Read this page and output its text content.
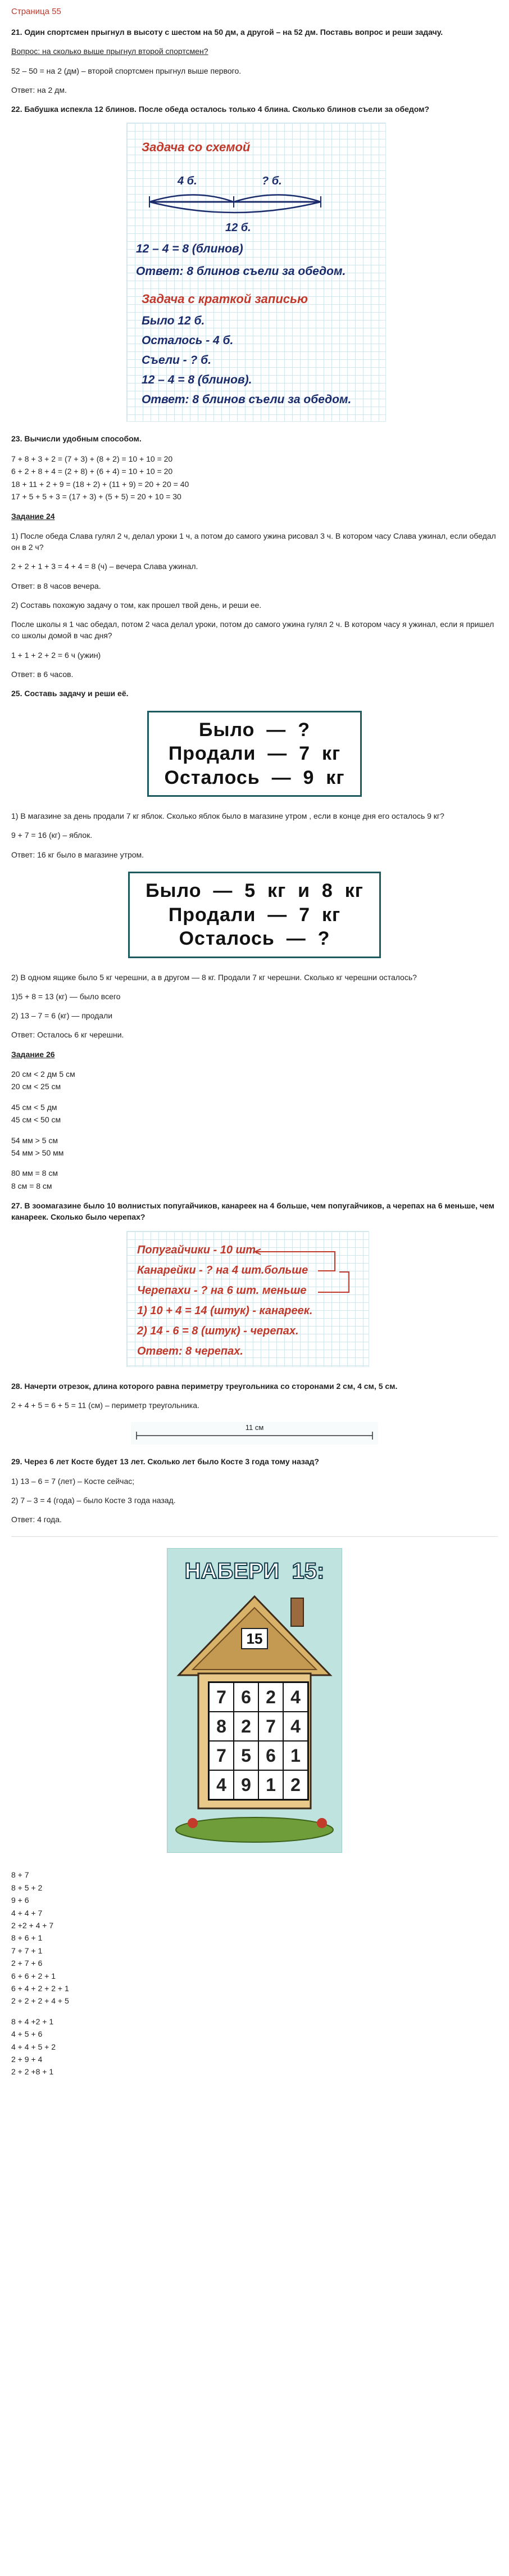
Страница 55

21. Один спортсмен прыгнул в высоту с шестом на 50 дм, а другой – на 52 дм. Поставь вопрос и реши задачу.

Вопрос: на сколько выше прыгнул второй спортсмен?

52 – 50 = на 2 (дм) – второй спортсмен прыгнул выше первого.

Ответ: на 2 дм.

22. Бабушка испекла 12 блинов. После обеда осталось только 4 блина. Сколько блинов съели за обедом?

Задача со схемой
4 б.	? б.
12 б.
12 – 4 = 8 (блинов)
Ответ: 8 блинов съели за обедом.
Задача с краткой записью
Было 12 б.
Осталось - 4 б.
Съели - ? б.
12 – 4 = 8 (блинов).
Ответ: 8 блинов съели за обедом.

23. Вычисли удобным способом.

7 + 8 + 3 + 2 = (7 + 3) + (8 + 2) = 10 + 10 = 20

6 + 2 + 8 + 4 = (2 + 8) + (6 + 4) = 10 + 10 = 20

18 + 11 + 2 + 9 = (18 + 2) + (11 + 9) = 20 + 20 = 40

17 + 5 + 5 + 3 = (17 + 3) + (5 + 5) = 20 + 10 = 30

Задание 24

1) После обеда Слава гулял 2 ч, делал уроки 1 ч, а потом до самого ужина рисовал 3 ч. В котором часу Слава ужинал, если обедал он в 2 ч?

2 + 2 + 1 + 3 = 4 + 4 = 8 (ч) – вечера Слава ужинал.

Ответ: в 8 часов вечера.

2) Составь похожую задачу о том, как прошел твой день, и реши ее.

После школы я 1 час обедал, потом 2 часа делал уроки, потом до самого ужина гулял 2 ч. В котором часу я ужинал, если я пришел со школы домой в час дня?

1 + 1 + 2 + 2 = 6 ч (ужин)

Ответ: в 6 часов.

25. Составь задачу и реши её.

Было  —  ?
Продали  —  7  кг
Осталось  —  9  кг

1) В магазине за день продали 7 кг яблок. Сколько яблок было в магазине утром , если в конце дня его осталось 9 кг?

9 + 7 = 16 (кг) – яблок.

Ответ: 16 кг было в магазине утром.

Было  —  5  кг  и  8  кг
Продали  —  7  кг
Осталось  —  ?

2) В одном ящике было 5 кг черешни, а в другом — 8 кг. Продали 7 кг черешни. Сколько кг черешни осталось?

1)5 + 8 = 13 (кг) — было всего

2) 13 – 7 = 6 (кг) — продали

Ответ: Осталось 6 кг черешни.

Задание 26

20 см < 2 дм 5 см

20 см < 25 см

45 см < 5 дм

45 см < 50 см

54 мм > 5 см

54 мм > 50 мм

80 мм = 8 см

8 см = 8 см

27. В зоомагазине было 10 волнистых попугайчиков, канареек на 4 больше, чем попугайчиков, а черепах на 6 меньше, чем канареек. Сколько было черепах?

Попугайчики - 10 шт.
Канарейки - ? на 4 шт.больше
Черепахи - ? на 6 шт. меньше
1) 10 + 4 = 14 (штук) - канареек.
2) 14 - 6 = 8 (штук) - черепах.
Ответ: 8 черепах.

28. Начерти отрезок, длина которого равна периметру треугольника со сторонами 2 см, 4 см, 5 см.

2 + 4 + 5 = 6 + 5 = 11 (см) – периметр треугольника.

11 см

29. Через 6 лет Косте будет 13 лет. Сколько лет было Косте 3 года тому назад?

1) 13 – 6 = 7 (лет) – Косте сейчас;

2) 7 – 3 = 4 (года) – было Косте 3 года назад.

Ответ: 4 года.

НАБЕРИ  15:
15
7 6 2 4
8 2 7 4
7 5 6 1
4 9 1 2

8 + 7

8 + 5 + 2

9 + 6

4 + 4 + 7

2 +2 + 4 + 7

8 + 6 + 1

7 + 7 + 1

2 + 7 + 6

6 + 6 + 2 + 1

6 + 4 + 2 + 2 + 1

2 + 2 + 2 + 4 + 5

8 + 4 +2 + 1

4 + 5 + 6

4 + 4 + 5 + 2

2 + 9 + 4

2 + 2 +8 + 1
